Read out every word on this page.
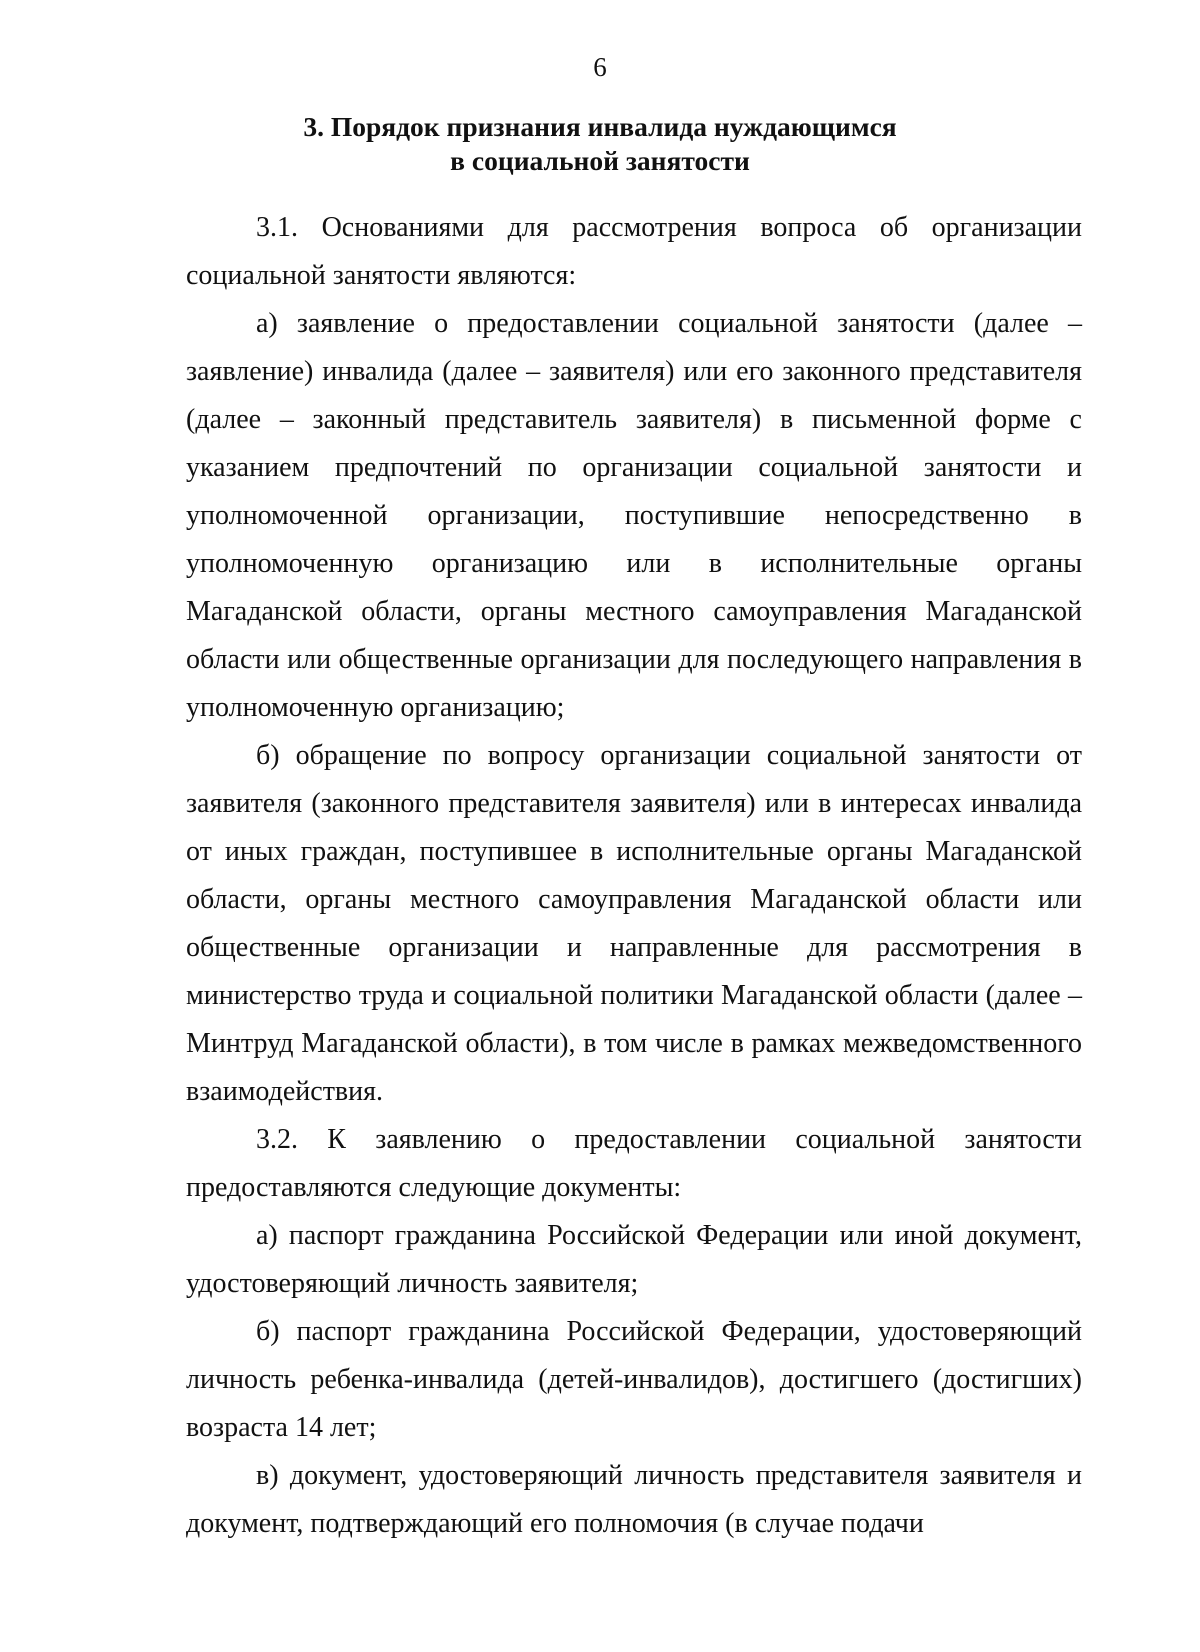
6
3. Порядок признания инвалида нуждающимся
в социальной занятости

3.1. Основаниями для рассмотрения вопроса об организации социальной занятости являются:

а) заявление о предоставлении социальной занятости (далее – заявление) инвалида (далее – заявителя) или его законного представителя (далее – законный представитель заявителя) в письменной форме с указанием предпочтений по организации социальной занятости и уполномоченной организации, поступившие непосредственно в уполномоченную организацию или в исполнительные органы Магаданской области, органы местного самоуправления Магаданской области или общественные организации для последующего направления в уполномоченную организацию;

б) обращение по вопросу организации социальной занятости от заявителя (законного представителя заявителя) или в интересах инвалида от иных граждан, поступившее в исполнительные органы Магаданской области, органы местного самоуправления Магаданской области или общественные организации и направленные для рассмотрения в министерство труда и социальной политики Магаданской области (далее – Минтруд Магаданской области), в том числе в рамках межведомственного взаимодействия.

3.2. К заявлению о предоставлении социальной занятости предоставляются следующие документы:

а) паспорт гражданина Российской Федерации или иной документ, удостоверяющий личность заявителя;

б) паспорт гражданина Российской Федерации, удостоверяющий личность ребенка-инвалида (детей-инвалидов), достигшего (достигших) возраста 14 лет;

в) документ, удостоверяющий личность представителя заявителя и документ, подтверждающий его полномочия (в случае подачи
